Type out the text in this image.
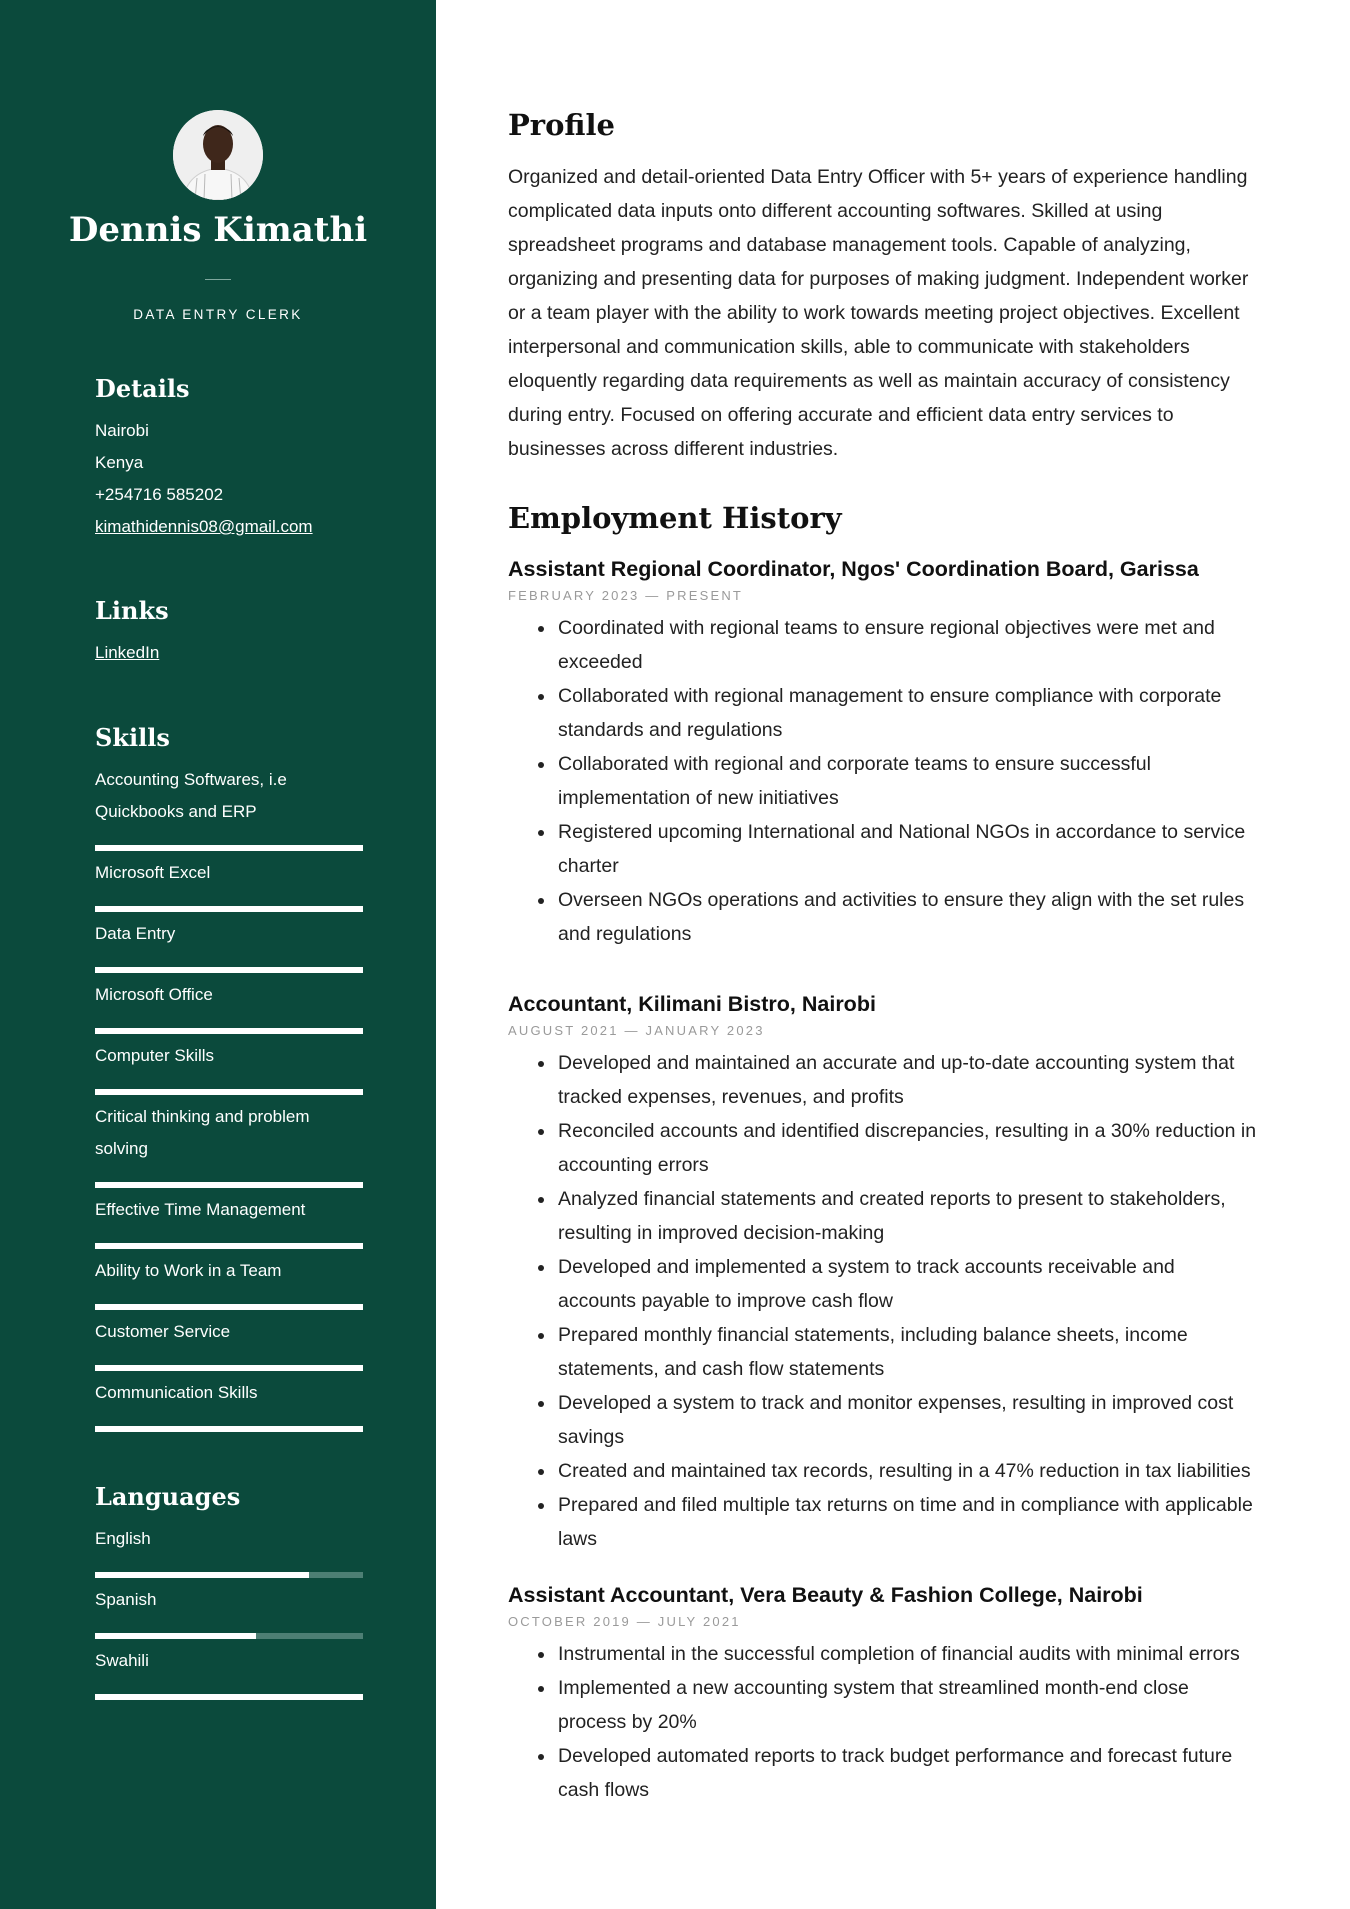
Dennis Kimathi
DATA ENTRY CLERK
Details
Nairobi
Kenya
+254716 585202
kimathidennis08@gmail.com
Links
LinkedIn
Skills
Accounting Softwares, i.e Quickbooks and ERP
Microsoft Excel
Data Entry
Microsoft Office
Computer Skills
Critical thinking and problem solving
Effective Time Management
Ability to Work in a Team
Customer Service
Communication Skills
Languages
English
Spanish
Swahili
Profile
Organized and detail-oriented Data Entry Officer with 5+ years of experience handling complicated data inputs onto different accounting softwares. Skilled at using spreadsheet programs and database management tools. Capable of analyzing, organizing and presenting data for purposes of making judgment. Independent worker or a team player with the ability to work towards meeting project objectives. Excellent interpersonal and communication skills, able to communicate with stakeholders eloquently regarding data requirements as well as maintain accuracy of consistency during entry. Focused on offering accurate and efficient data entry services to businesses across different industries.
Employment History
Assistant Regional Coordinator, Ngos' Coordination Board, Garissa
FEBRUARY 2023 — PRESENT
Coordinated with regional teams to ensure regional objectives were met and exceeded
Collaborated with regional management to ensure compliance with corporate standards and regulations
Collaborated with regional and corporate teams to ensure successful implementation of new initiatives
Registered upcoming International and National NGOs in accordance to service charter
Overseen NGOs operations and activities to ensure they align with the set rules and regulations
Accountant, Kilimani Bistro, Nairobi
AUGUST 2021 — JANUARY 2023
Developed and maintained an accurate and up-to-date accounting system that tracked expenses, revenues, and profits
Reconciled accounts and identified discrepancies, resulting in a 30% reduction in accounting errors
Analyzed financial statements and created reports to present to stakeholders, resulting in improved decision-making
Developed and implemented a system to track accounts receivable and accounts payable to improve cash flow
Prepared monthly financial statements, including balance sheets, income statements, and cash flow statements
Developed a system to track and monitor expenses, resulting in improved cost savings
Created and maintained tax records, resulting in a 47% reduction in tax liabilities
Prepared and filed multiple tax returns on time and in compliance with applicable laws
Assistant Accountant, Vera Beauty & Fashion College, Nairobi
OCTOBER 2019 — JULY 2021
Instrumental in the successful completion of financial audits with minimal errors
Implemented a new accounting system that streamlined month-end close process by 20%
Developed automated reports to track budget performance and forecast future cash flows
